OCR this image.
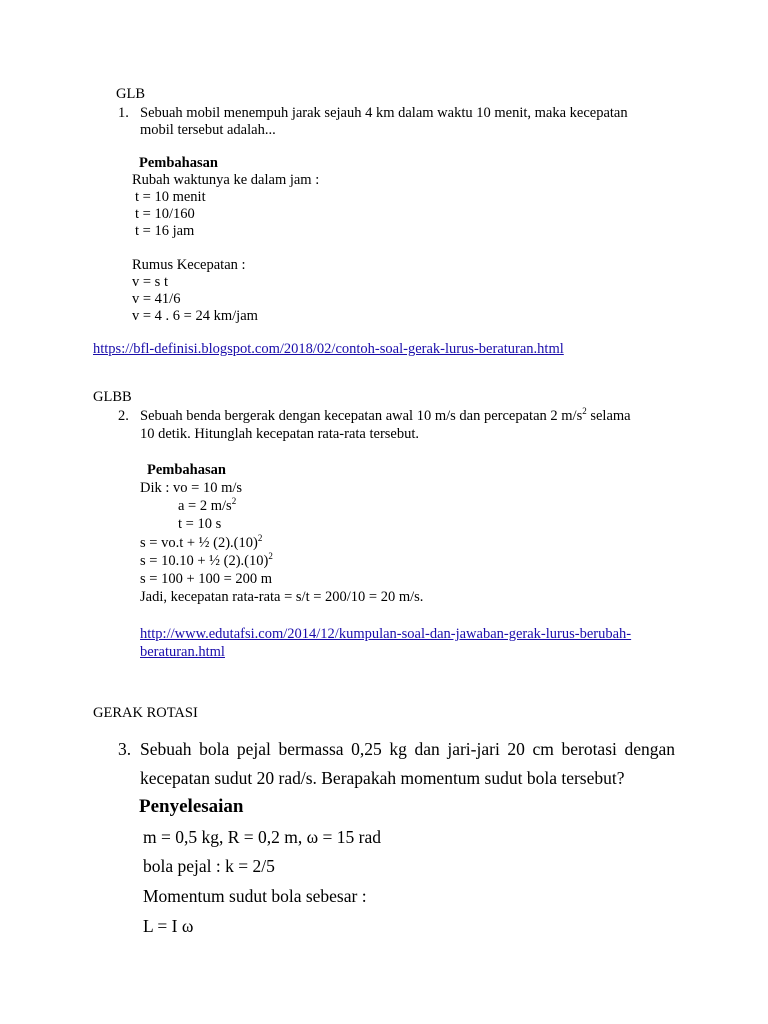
GLB
1. Sebuah mobil menempuh jarak sejauh 4 km dalam waktu 10 menit, maka kecepatan
mobil tersebut adalah...
Pembahasan
Rubah waktunya ke dalam jam :
t = 10 menit
t = 10/160
t = 16 jam
Rumus Kecepatan :
v = s t
v = 41/6
v = 4 . 6 = 24 km/jam
https://bfl-definisi.blogspot.com/2018/02/contoh-soal-gerak-lurus-beraturan.html
GLBB
2. Sebuah benda bergerak dengan kecepatan awal 10 m/s dan percepatan 2 $m/s^2$ selama
10 detik. Hitunglah kecepatan rata-rata tersebut.
Pembahasan
Dik : vo = 10 m/s
a = 2 $m/s^2$
t = 10 s
s = vo.t + ½ $(2).(10)^2$
s = 10.10 + ½ $(2).(10)^2$
s = 100 + 100 = 200 m
Jadi, kecepatan rata-rata = s/t = 200/10 = 20 m/s.
http://www.edutafsi.com/2014/12/kumpulan-soal-dan-jawaban-gerak-lurus-berubah-
beraturan.html
GERAK ROTASI
3. Sebuah bola pejal bermassa 0,25 kg dan jari-jari 20 cm berotasi dengan
kecepatan sudut 20 rad/s. Berapakah momentum sudut bola tersebut?
Penyelesaian
m = 0,5 kg, R = 0,2 m, ω = 15 rad
bola pejal : k = 2/5
Momentum sudut bola sebesar :
L = I ω
